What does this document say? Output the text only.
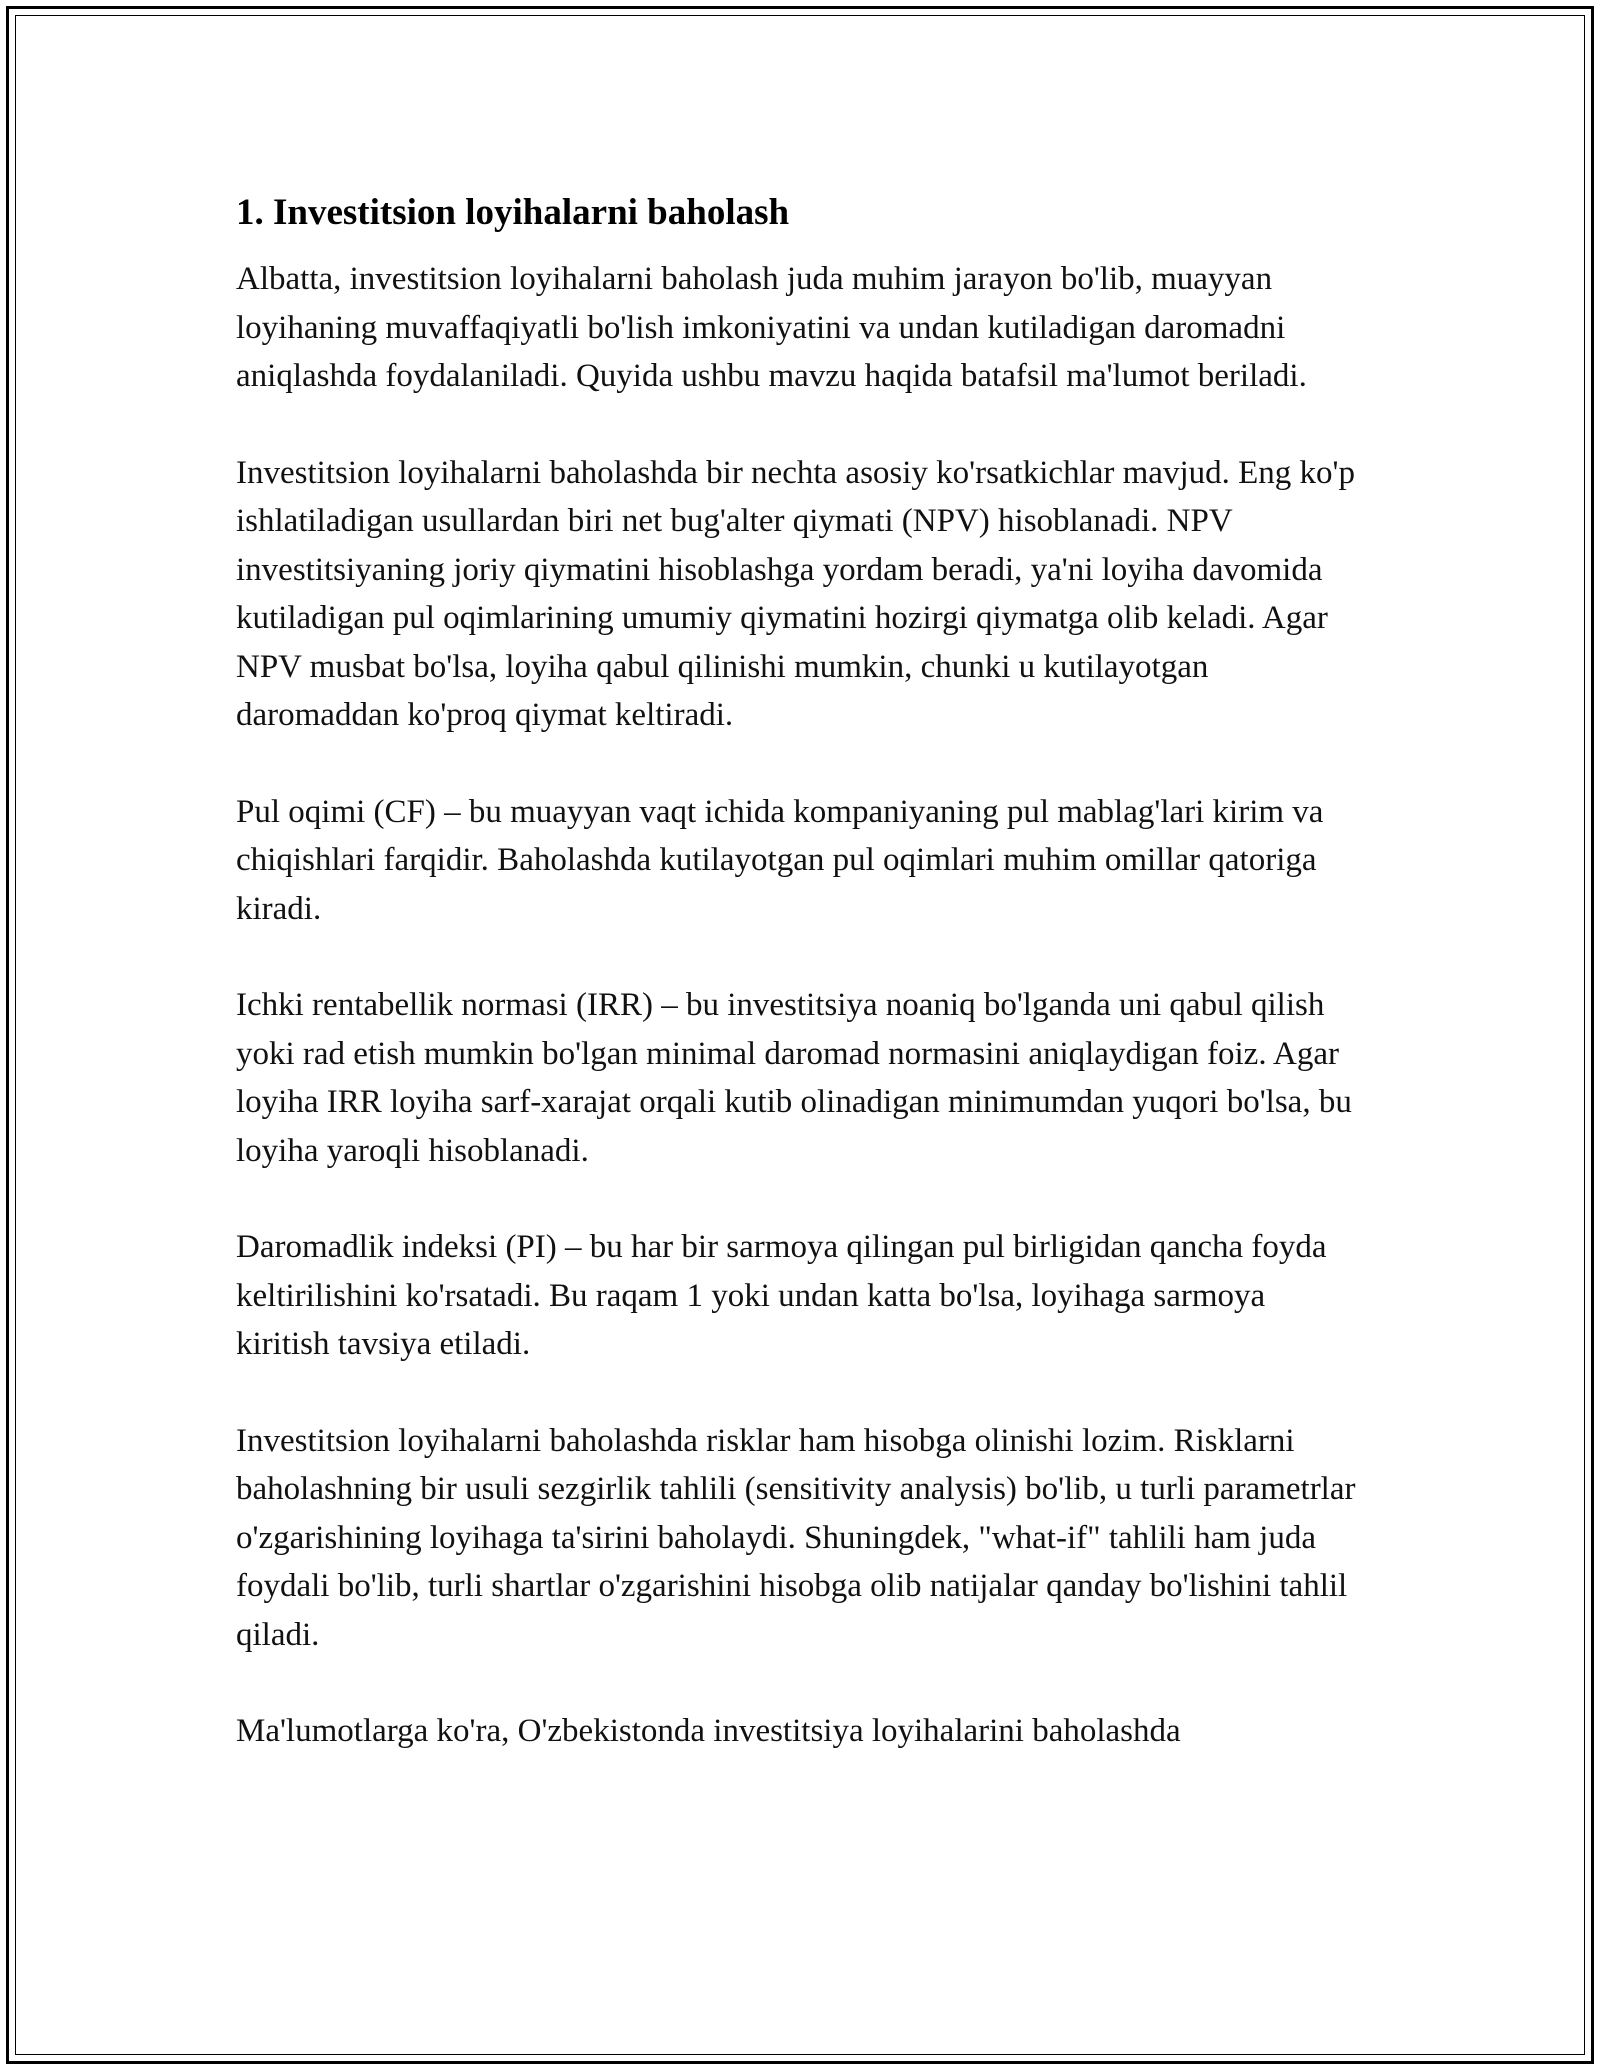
1. Investitsion loyihalarni baholash

Albatta, investitsion loyihalarni baholash juda muhim jarayon bo'lib, muayyan loyihaning muvaffaqiyatli bo'lish imkoniyatini va undan kutiladigan daromadni aniqlashda foydalaniladi. Quyida ushbu mavzu haqida batafsil ma'lumot beriladi.

Investitsion loyihalarni baholashda bir nechta asosiy ko'rsatkichlar mavjud. Eng ko'p ishlatiladigan usullardan biri net bug'alter qiymati (NPV) hisoblanadi. NPV investitsiyaning joriy qiymatini hisoblashga yordam beradi, ya'ni loyiha davomida kutiladigan pul oqimlarining umumiy qiymatini hozirgi qiymatga olib keladi. Agar NPV musbat bo'lsa, loyiha qabul qilinishi mumkin, chunki u kutilayotgan daromaddan ko'proq qiymat keltiradi.

Pul oqimi (CF) – bu muayyan vaqt ichida kompaniyaning pul mablag'lari kirim va chiqishlari farqidir. Baholashda kutilayotgan pul oqimlari muhim omillar qatoriga kiradi.

Ichki rentabellik normasi (IRR) – bu investitsiya noaniq bo'lganda uni qabul qilish yoki rad etish mumkin bo'lgan minimal daromad normasini aniqlaydigan foiz. Agar loyiha IRR loyiha sarf-xarajat orqali kutib olinadigan minimumdan yuqori bo'lsa, bu loyiha yaroqli hisoblanadi.

Daromadlik indeksi (PI) – bu har bir sarmoya qilingan pul birligidan qancha foyda keltirilishini ko'rsatadi. Bu raqam 1 yoki undan katta bo'lsa, loyihaga sarmoya kiritish tavsiya etiladi.

Investitsion loyihalarni baholashda risklar ham hisobga olinishi lozim. Risklarni baholashning bir usuli sezgirlik tahlili (sensitivity analysis) bo'lib, u turli parametrlar o'zgarishining loyihaga ta'sirini baholaydi. Shuningdek, "what-if" tahlili ham juda foydali bo'lib, turli shartlar o'zgarishini hisobga olib natijalar qanday bo'lishini tahlil qiladi.

Ma'lumotlarga ko'ra, O'zbekistonda investitsiya loyihalarini baholashda
